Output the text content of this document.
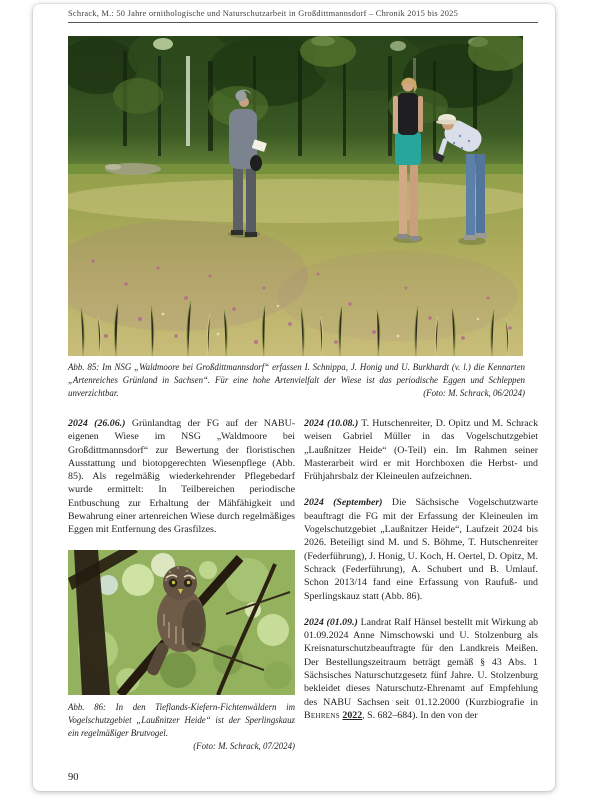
Schrack, M.: 50 Jahre ornithologische und Naturschutzarbeit in Großdittmannsdorf – Chronik 2015 bis 2025
Abb. 85: Im NSG „Waldmoore bei Großdittmannsdorf“ erfassen I. Schnippa, J. Honig und U. Burkhardt (v. l.) die Kennarten „Artenreiches Grünland in Sachsen“. Für eine hohe Artenvielfalt der Wiese ist das periodische Eggen und Schleppen unverzichtbar.	(Foto: M. Schrack, 06/2024)

2024 (26.06.) Grünlandtag der FG auf der NABU-eigenen Wiese im NSG „Waldmoore bei Großdittmannsdorf“ zur Bewertung der floristischen Ausstattung und biotopgerechten Wiesenpflege (Abb. 85). Als regelmäßig wiederkehrender Pflegebedarf wurde ermittelt: In Teilbereichen periodische Entbuschung zur Erhaltung der Mähfähigkeit und Bewahrung einer artenreichen Wiese durch regelmäßiges Eggen mit Entfernung des Grasfilzes.

Abb. 86: In den Tieflands-Kiefern-Fichtenwäldern im Vogelschutzgebiet „Laußnitzer Heide“ ist der Sperlingskauz ein regelmäßiger Brutvogel.
(Foto: M. Schrack, 07/2024)

2024 (10.08.) T. Hutschenreiter, D. Opitz und M. Schrack weisen Gabriel Müller in das Vogelschutzgebiet „Laußnitzer Heide“ (O-Teil) ein. Im Rahmen seiner Masterarbeit wird er mit Horchboxen die Herbst- und Frühjahrsbalz der Kleineulen aufzeichnen.

2024 (September) Die Sächsische Vogelschutzwarte beauftragt die FG mit der Erfassung der Kleineulen im Vogelschutzgebiet „Laußnitzer Heide“, Laufzeit 2024 bis 2026. Beteiligt sind M. und S. Böhme, T. Hutschenreiter (Federführung), J. Honig, U. Koch, H. Oertel, D. Opitz, M. Schrack (Federführung), A. Schubert und B. Umlauf. Schon 2013/14 fand eine Erfassung von Raufuß- und Sperlingskauz statt (Abb. 86).

2024 (01.09.) Landrat Ralf Hänsel bestellt mit Wirkung ab 01.09.2024 Anne Nimschowski und U. Stolzenburg als Kreisnaturschutzbeauftragte für den Landkreis Meißen. Der Bestellungszeitraum beträgt gemäß § 43 Abs. 1 Sächsisches Naturschutzgesetz fünf Jahre. U. Stolzenburg bekleidet dieses Naturschutz-Ehrenamt auf Empfehlung des NABU Sachsen seit 01.12.2000 (Kurzbiografie in Behrens 2022, S. 682–684). In den von der

90
